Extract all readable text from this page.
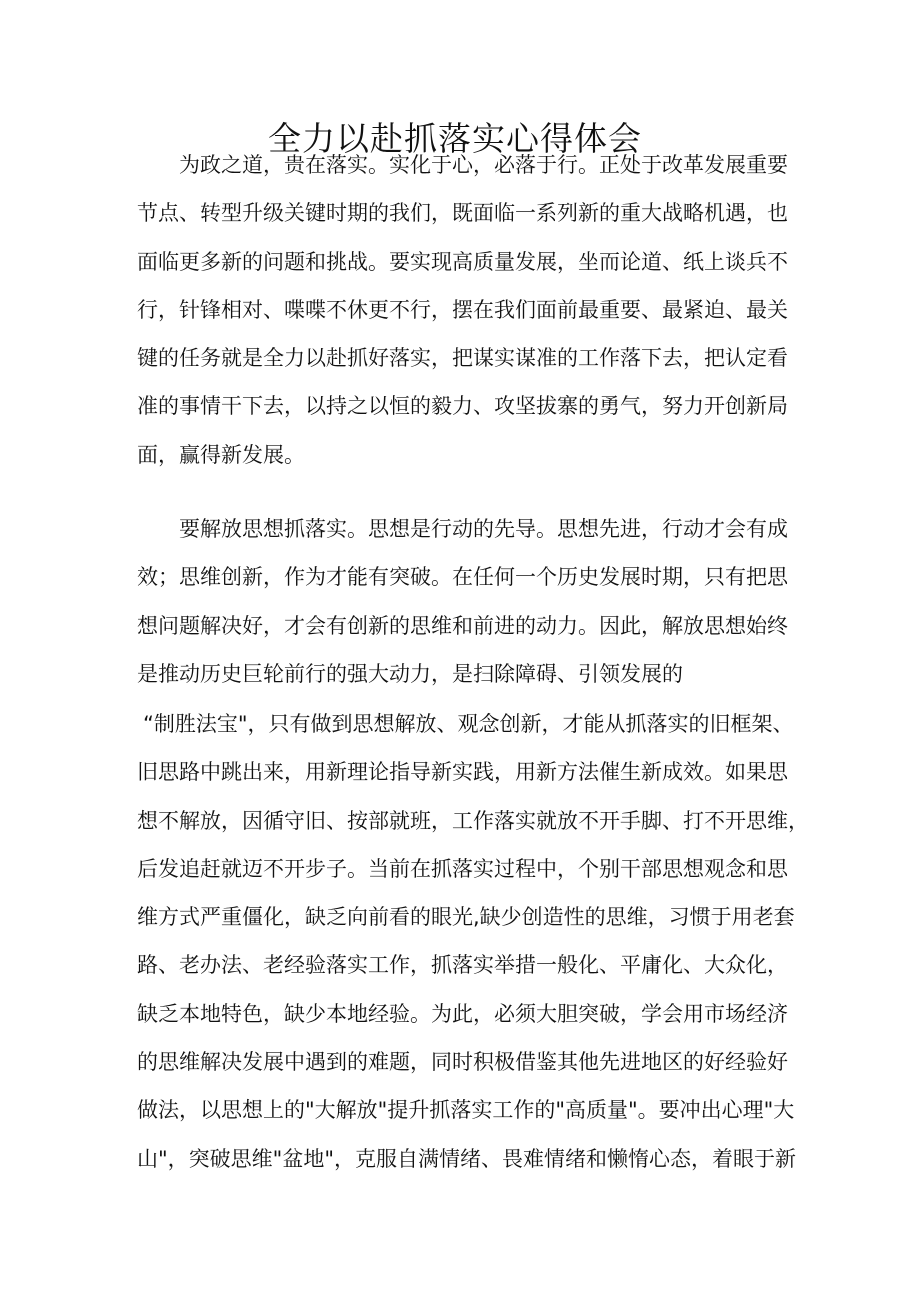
全力以赴抓落实心得体会
为政之道，贵在落实。实化于心，必落于行。正处于改革发展重要
节点、转型升级关键时期的我们，既面临一系列新的重大战略机遇，也
面临更多新的问题和挑战。要实现高质量发展，坐而论道、纸上谈兵不
行，针锋相对、喋喋不休更不行，摆在我们面前最重要、最紧迫、最关
键的任务就是全力以赴抓好落实，把谋实谋准的工作落下去，把认定看
准的事情干下去，以持之以恒的毅力、攻坚拔寨的勇气，努力开创新局
面，赢得新发展。
要解放思想抓落实。思想是行动的先导。思想先进，行动才会有成
效；思维创新，作为才能有突破。在任何一个历史发展时期，只有把思
想问题解决好，才会有创新的思维和前进的动力。因此，解放思想始终
是推动历史巨轮前行的强大动力，是扫除障碍、引领发展的
“制胜法宝"，只有做到思想解放、观念创新，才能从抓落实的旧框架、
旧思路中跳出来，用新理论指导新实践，用新方法催生新成效。如果思
想不解放，因循守旧、按部就班，工作落实就放不开手脚、打不开思维，
后发追赶就迈不开步子。当前在抓落实过程中，个别干部思想观念和思
维方式严重僵化，缺乏向前看的眼光,缺少创造性的思维，习惯于用老套
路、老办法、老经验落实工作，抓落实举措一般化、平庸化、大众化，
缺乏本地特色，缺少本地经验。为此，必须大胆突破，学会用市场经济
的思维解决发展中遇到的难题，同时积极借鉴其他先进地区的好经验好
做法，以思想上的"大解放"提升抓落实工作的"高质量"。要冲出心理"大
山"，突破思维"盆地"，克服自满情绪、畏难情绪和懒惰心态，着眼于新
